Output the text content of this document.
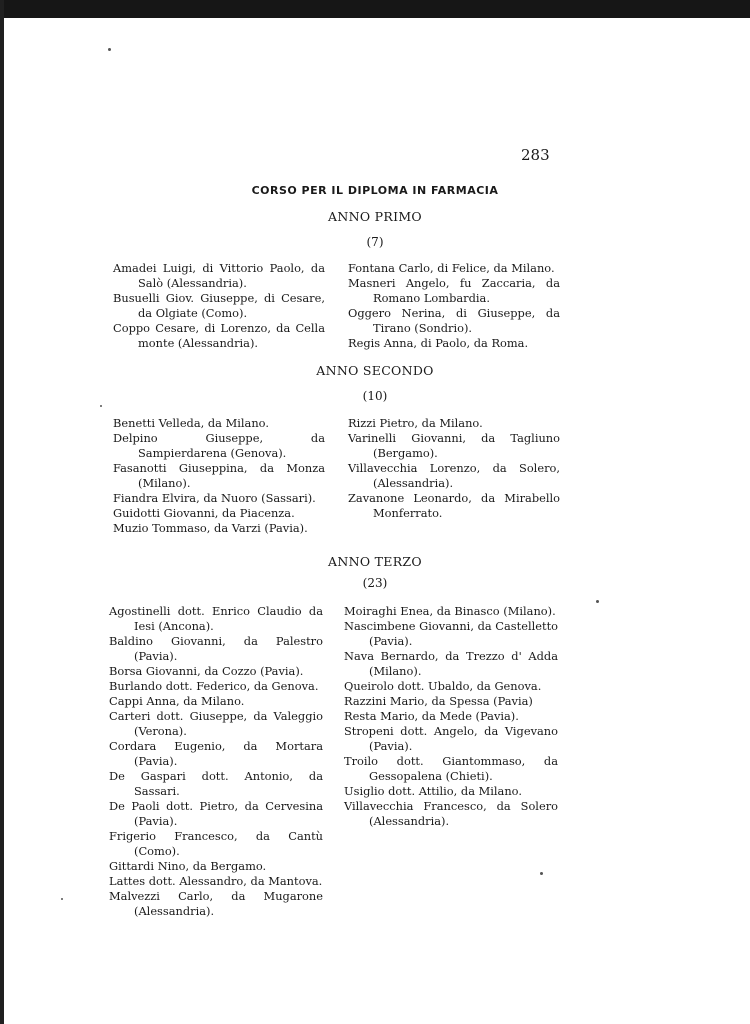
283
CORSO PER IL DIPLOMA IN FARMACIA
ANNO PRIMO
(7)

Amadei Luigi, di Vittorio Paolo, da Salò (Alessandria).

Busuelli Giov. Giuseppe, di Cesare, da Olgiate (Como).

Coppo Cesare, di Lorenzo, da Cella monte (Alessandria).

Fontana Carlo, di Felice, da Milano.

Masneri Angelo, fu Zaccaria, da Romano Lombardia.

Oggero Nerina, di Giuseppe, da Tirano (Sondrio).

Regis Anna, di Paolo, da Roma.

ANNO SECONDO
(10)

Benetti Velleda, da Milano.

Delpino Giuseppe, da Sampierdarena (Genova).

Fasanotti Giuseppina, da Monza (Milano).

Fiandra Elvira, da Nuoro (Sassari).

Guidotti Giovanni, da Piacenza.

Muzio Tommaso, da Varzi (Pavia).

Rizzi Pietro, da Milano.

Varinelli Giovanni, da Tagliuno (Bergamo).

Villavecchia Lorenzo, da Solero, (Alessandria).

Zavanone Leonardo, da Mirabello Monferrato.

ANNO TERZO
(23)

Agostinelli dott. Enrico Claudio da Iesi (Ancona).

Baldino Giovanni, da Palestro (Pavia).

Borsa Giovanni, da Cozzo (Pavia).

Burlando dott. Federico, da Genova.

Cappi Anna, da Milano.

Carteri dott. Giuseppe, da Valeggio (Verona).

Cordara Eugenio, da Mortara (Pavia).

De Gaspari dott. Antonio, da Sassari.

De Paoli dott. Pietro, da Cervesina (Pavia).

Frigerio Francesco, da Cantù (Como).

Gittardi Nino, da Bergamo.

Lattes dott. Alessandro, da Mantova.

Malvezzi Carlo, da Mugarone (Alessandria).

Moiraghi Enea, da Binasco (Milano).

Nascimbene Giovanni, da Castelletto (Pavia).

Nava Bernardo, da Trezzo d' Adda (Milano).

Queirolo dott. Ubaldo, da Genova.

Razzini Mario, da Spessa (Pavia)

Resta Mario, da Mede (Pavia).

Stropeni dott. Angelo, da Vigevano (Pavia).

Troilo dott. Giantommaso, da Gessopalena (Chieti).

Usiglio dott. Attilio, da Milano.

Villavecchia Francesco, da Solero (Alessandria).
